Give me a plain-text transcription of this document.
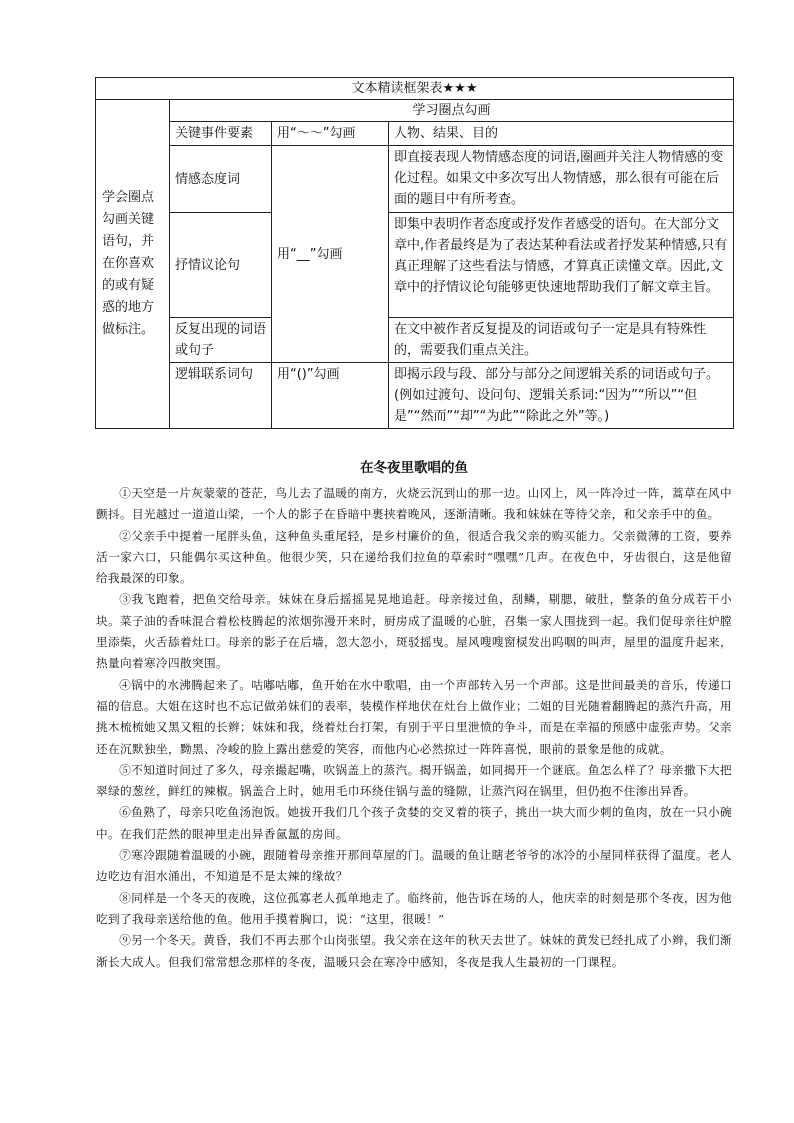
文本精读框架表★★★			
学会圈点勾画关键语句，并在你喜欢的或有疑惑的地方做标注。	学习圈点勾画		
	关键事件要素	用“～～”勾画	人物、结果、目的
	情感态度词	用“__”勾画	即直接表现人物情感态度的词语,圈画并关注人物情感的变化过程。如果文中多次写出人物情感，那么很有可能在后面的题目中有所考查。
	抒情议论句		即集中表明作者态度或抒发作者感受的语句。在大部分文章中,作者最终是为了表达某种看法或者抒发某种情感,只有真正理解了这些看法与情感，才算真正读懂文章。因此,文章中的抒情议论句能够更快速地帮助我们了解文章主旨。
	反复出现的词语或句子		在文中被作者反复提及的词语或句子一定是具有特殊性的，需要我们重点关注。
	逻辑联系词句	用“()”勾画	即揭示段与段、部分与部分之间逻辑关系的词语或句子。(例如过渡句、设问句、逻辑关系词:“因为”“所以”“但是”“然而”“却”“为此”“除此之外”等。)
在冬夜里歌唱的鱼

①天空是一片灰蒙蒙的苍茫，鸟儿去了温暖的南方，火烧云沉到山的那一边。山冈上，风一阵冷过一阵，蒿草在风中颤抖。目光越过一道道山梁，一个人的影子在昏暗中裹挟着晚风，逐渐清晰。我和妹妹在等待父亲，和父亲手中的鱼。

②父亲手中提着一尾胖头鱼，这种鱼头重尾轻，是乡村廉价的鱼，很适合我父亲的购买能力。父亲微薄的工资，要养活一家六口，只能偶尔买这种鱼。他很少笑，只在递给我们拉鱼的草索时“嘿嘿”几声。在夜色中，牙齿很白，这是他留给我最深的印象。

③我飞跑着，把鱼交给母亲。妹妹在身后摇摇晃晃地追赶。母亲接过鱼，刮鳞，剔腮，破肚，整条的鱼分成若干小块。菜子油的香味混合着松枝腾起的浓烟弥漫开来时，厨房成了温暖的心脏，召集一家人围拢到一起。我们促母亲往炉膛里添柴，火舌舔着灶口。母亲的影子在后墙，忽大忽小，斑驳摇曳。屋风嗖嗖窗棂发出呜咽的叫声，屋里的温度升起来，热量向着寒冷四散突围。

④锅中的水沸腾起来了。咕嘟咕嘟，鱼开始在水中歌唱，由一个声部转入另一个声部。这是世间最美的音乐，传递口福的信息。大姐在这时也不忘记做弟妹们的表率，装模作样地伏在灶台上做作业；二姐的目光随着翻腾起的蒸汽升高，用挑木梳梳她又黑又粗的长辫；妹妹和我，绕着灶台打架，有别于平日里泄愤的争斗，而是在幸福的预感中虚张声势。父亲还在沉默独坐，黝黑、冷峻的脸上露出慈爱的笑容，而他内心必然掠过一阵阵喜悦，眼前的景象是他的成就。

⑤不知道时间过了多久，母亲撮起嘴，吹锅盖上的蒸汽。揭开锅盖，如同揭开一个谜底。鱼怎么样了？母亲撒下大把翠绿的葱丝，鲜红的辣椒。锅盖合上时，她用毛巾环绕住锅与盖的缝隙，让蒸汽闷在锅里，但仍抱不住渗出异香。

⑥鱼熟了，母亲只吃鱼汤泡饭。她拔开我们几个孩子贪婪的交叉着的筷子，挑出一块大而少刺的鱼肉，放在一只小碗中。在我们茫然的眼神里走出异香氤氲的房间。

⑦寒冷跟随着温暖的小碗，跟随着母亲推开那间草屋的门。温暖的鱼让瞎老爷爷的冰冷的小屋同样获得了温度。老人边吃边有泪水涌出，不知道是不是太辣的缘故？

⑧同样是一个冬天的夜晚，这位孤寡老人孤单地走了。临终前，他告诉在场的人，他庆幸的时刻是那个冬夜，因为他吃到了我母亲送给他的鱼。他用手摸着胸口，说：“这里，很暖！”

⑨另一个冬天。黄昏，我们不再去那个山岗张望。我父亲在这年的秋天去世了。妹妹的黄发已经扎成了小辫，我们渐渐长大成人。但我们常常想念那样的冬夜，温暖只会在寒冷中感知，冬夜是我人生最初的一门课程。
